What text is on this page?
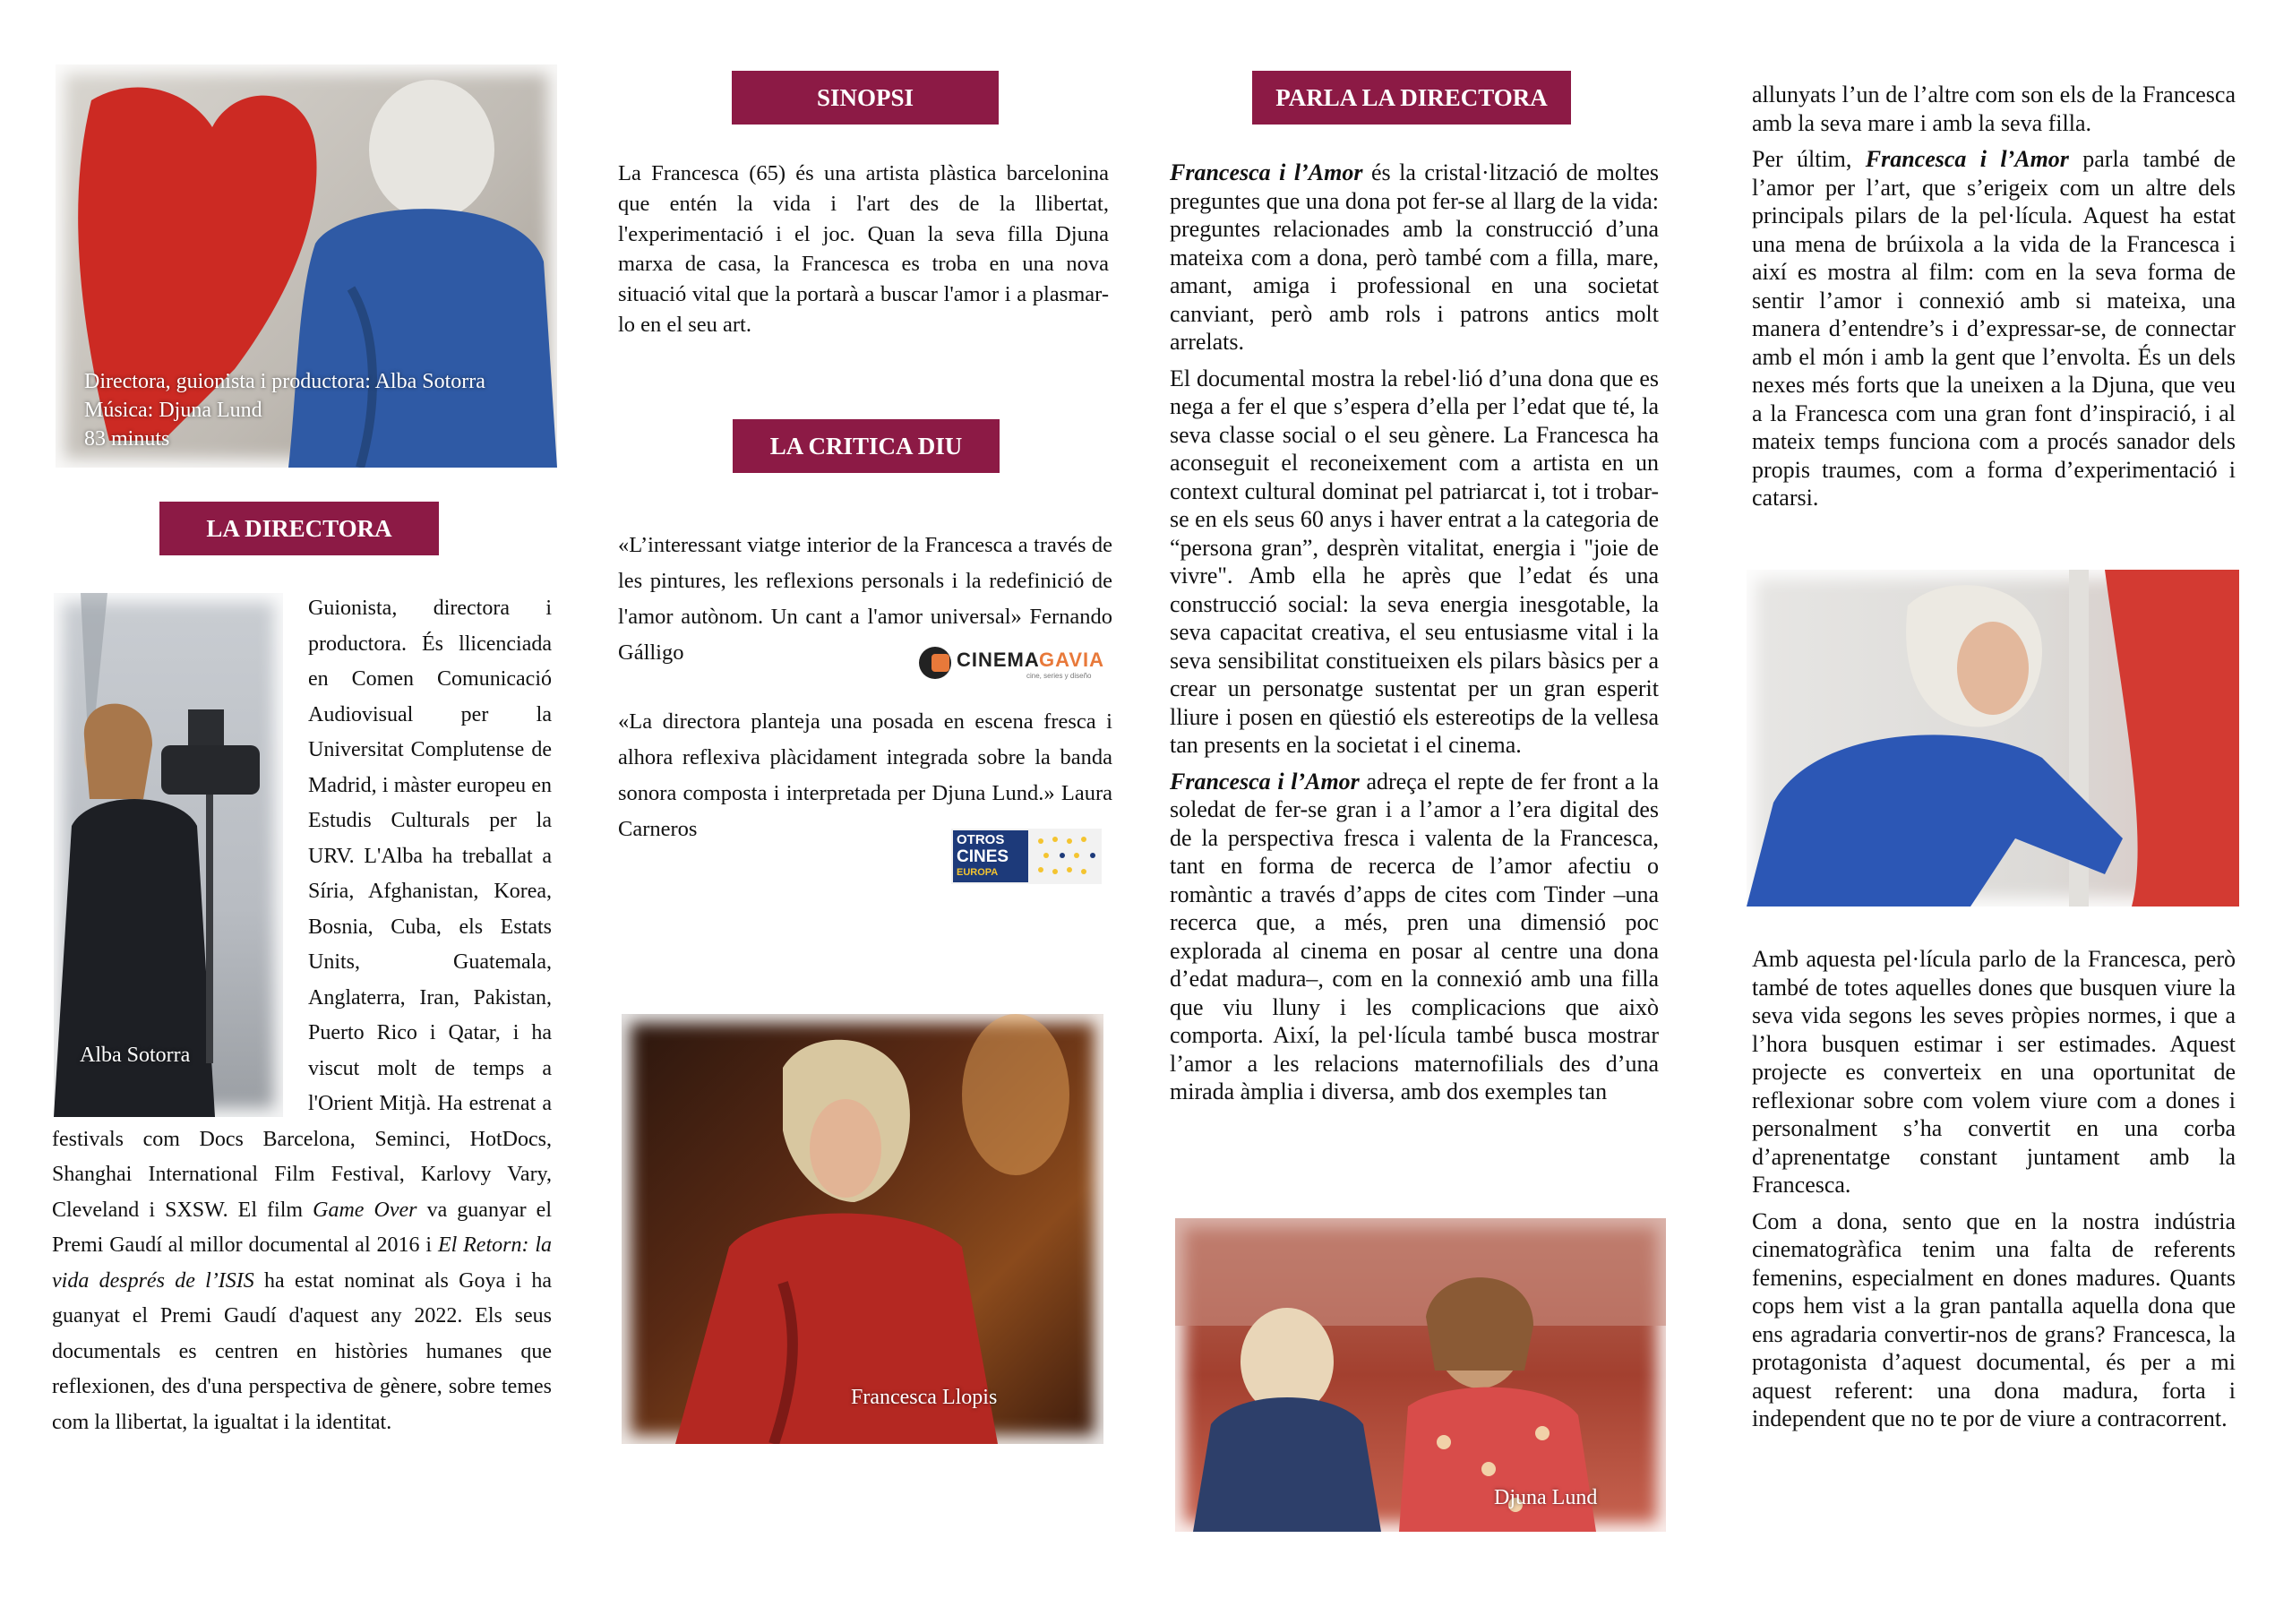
Directora, guionista i productora: Alba Sotorra
Música: Djuna Lund
83 minuts
LA DIRECTORA
Alba Sotorra
Guionista, directora i productora. És llicenciada en Comen Comunicació Audiovisual per la Universitat Complutense de Madrid, i màster europeu en Estudis Culturals per la URV. L'Alba ha treballat a Síria, Afghanistan, Korea, Bosnia, Cuba, els Estats Units, Guatemala, Anglaterra, Iran, Pakistan, Puerto Rico i Qatar, i ha viscut molt de temps a l'Orient Mitjà. Ha estrenat a festivals com Docs Barcelona, Seminci, HotDocs, Shanghai International Film Festival, Karlovy Vary, Cleveland i SXSW. El film Game Over va guanyar el Premi Gaudí al millor documental al 2016 i El Retorn: la vida després de l’ISIS ha estat nominat als Goya i ha guanyat el Premi Gaudí d'aquest any 2022. Els seus documentals es centren en històries humanes que reflexionen, des d'una perspectiva de gènere, sobre temes com la llibertat, la igualtat i la identitat.
SINOPSI
La Francesca (65) és una artista plàstica barcelonina que entén la vida i l'art des de la llibertat, l'experimentació i el joc. Quan la seva filla Djuna marxa de casa, la Francesca es troba en una nova situació vital que la portarà a buscar l'amor i a plasmar-lo en el seu art.
LA CRITICA DIU
«L’interessant viatge interior de la Francesca a través de les pintures, les reflexions personals i la redefinició de l'amor autònom. Un cant a l'amor universal» Fernando Gálligo	CINEMA GAVIA
cine, series y diseño
«La directora planteja una posada en escena fresca i alhora reflexiva plàcidament integrada sobre la banda sonora composta i interpretada per Djuna Lund.» Laura Carneros	OTROS
CINES
EUROPA
Francesca Llopis
PARLA LA DIRECTORA

Francesca i l’Amor és la cristal·lització de moltes preguntes que una dona pot fer-se al llarg de la vida: preguntes relacionades amb la construcció d’una mateixa com a dona, però també com a filla, mare, amant, amiga i professional en una societat canviant, però amb rols i patrons antics molt arrelats.

El documental mostra la rebel·lió d’una dona que es nega a fer el que s’espera d’ella per l’edat que té, la seva classe social o el seu gènere. La Francesca ha aconseguit el reconeixement com a artista en un context cultural dominat pel patriarcat i, tot i trobar-se en els seus 60 anys i haver entrat a la categoria de “persona gran”, desprèn vitalitat, energia i "joie de vivre". Amb ella he après que l’edat és una construcció social: la seva energia inesgotable, la seva capacitat creativa, el seu entusiasme vital i la seva sensibilitat constitueixen els pilars bàsics per a crear un personatge sustentat per un gran esperit lliure i posen en qüestió els estereotips de la vellesa tan presents en la societat i el cinema.

Francesca i l’Amor adreça el repte de fer front a la soledat de fer-se gran i a l’amor a l’era digital des de la perspectiva fresca i valenta de la Francesca, tant en forma de recerca de l’amor afectiu o romàntic a través d’apps de cites com Tinder –una recerca que, a més, pren una dimensió poc explorada al cinema en posar al centre una dona d’edat madura–, com en la connexió amb una filla que viu lluny i les complicacions que això comporta. Així, la pel·lícula també busca mostrar l’amor a les relacions maternofilials des d’una mirada àmplia i diversa, amb dos exemples tan

Djuna Lund

allunyats l’un de l’altre com son els de la Francesca amb la seva mare i amb la seva filla.

Per últim, Francesca i l’Amor parla també de l’amor per l’art, que s’erigeix com un altre dels principals pilars de la pel·lícula. Aquest ha estat una mena de brúixola a la vida de la Francesca i així es mostra al film: com en la seva forma de sentir l’amor i connexió amb si mateixa, una manera d’entendre’s i d’expressar-se, de connectar amb el món i amb la gent que l’envolta. És un dels nexes més forts que la uneixen a la Djuna, que veu a la Francesca com una gran font d’inspiració, i al mateix temps funciona com a procés sanador dels propis traumes, com a forma d’experimentació i catarsi.

Amb aquesta pel·lícula parlo de la Francesca, però també de totes aquelles dones que busquen viure la seva vida segons les seves pròpies normes, i que a l’hora busquen estimar i ser estimades. Aquest projecte es converteix en una oportunitat de reflexionar sobre com volem viure com a dones i personalment s’ha convertit en una corba d’aprenentatge constant juntament amb la Francesca.

Com a dona, sento que en la nostra indústria cinematogràfica tenim una falta de referents femenins, especialment en dones madures. Quants cops hem vist a la gran pantalla aquella dona que ens agradaria convertir-nos de grans? Francesca, la protagonista d’aquest documental, és per a mi aquest referent: una dona madura, forta i independent que no te por de viure a contracorrent.
